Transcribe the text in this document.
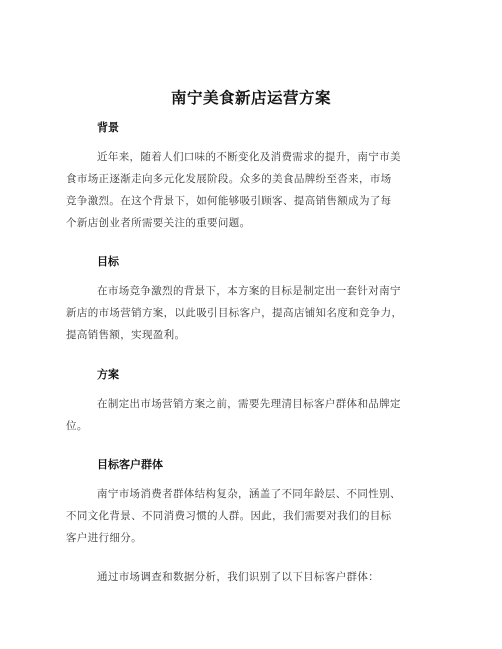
南宁美食新店运营方案
背景
近年来，随着人们口味的不断变化及消费需求的提升，南宁市美
食市场正逐渐走向多元化发展阶段。众多的美食品牌纷至沓来，市场
竞争激烈。在这个背景下，如何能够吸引顾客、提高销售额成为了每
个新店创业者所需要关注的重要问题。
目标
在市场竞争激烈的背景下，本方案的目标是制定出一套针对南宁
新店的市场营销方案，以此吸引目标客户，提高店铺知名度和竞争力，
提高销售额，实现盈利。
方案
在制定出市场营销方案之前，需要先理清目标客户群体和品牌定
位。
目标客户群体
南宁市场消费者群体结构复杂，涵盖了不同年龄层、不同性别、
不同文化背景、不同消费习惯的人群。因此，我们需要对我们的目标
客户进行细分。
通过市场调查和数据分析，我们识别了以下目标客户群体：
